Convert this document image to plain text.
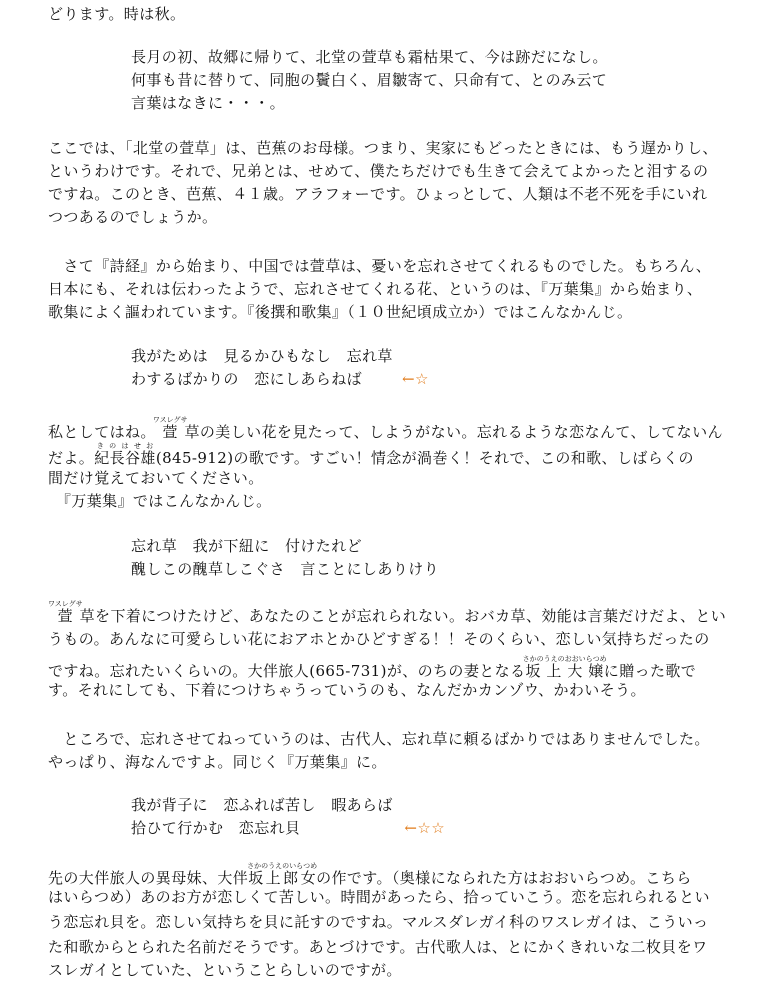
どります。時は秋。
長月の初、故郷に帰りて、北堂の萱草も霜枯果て、今は跡だになし。
何事も昔に替りて、同胞の鬢白く、眉皺寄て、只命有て、とのみ云て
言葉はなきに・・・。
ここでは、「北堂の萱草」は、芭蕉のお母様。つまり、実家にもどったときには、もう遅かりし、
というわけです。それで、兄弟とは、せめて、僕たちだけでも生きて会えてよかったと泪するの
ですね。このとき、芭蕉、４１歳。アラフォーです。ひょっとして、人類は不老不死を手にいれ
つつあるのでしょうか。
　さて『詩経』から始まり、中国では萱草は、憂いを忘れさせてくれるものでした。もちろん、
日本にも、それは伝わったようで、忘れさせてくれる花、というのは、『万葉集』から始まり、
歌集によく謳われています。『後撰和歌集』（１０世紀頃成立か）ではこんなかんじ。
我がためは　見るかひもなし　忘れ草
わするばかりの　恋にしあらねば	←☆
私としてはね。萱ワスレグサ草の美しい花を見たって、しようがない。忘れるような恋なんて、してないん
だよ。紀長谷雄きのはせお(845-912)の歌です。すごい！情念が渦巻く！それで、この和歌、しばらくの
間だけ覚えておいてください。
　『万葉集』ではこんなかんじ。
忘れ草　我が下紐に　付けたれど
醜しこの醜草しこぐさ　言ことにしありけり
萱ワスレグサ草を下着につけたけど、あなたのことが忘れられない。おバカ草、効能は言葉だけだよ、とい
うもの。あんなに可愛らしい花におアホとかひどすぎる！！そのくらい、恋しい気持ちだったの
ですね。忘れたいくらいの。大伴旅人(665-731)が、のちの妻となる坂上大嬢さかのうえのおおいらつめに贈った歌で
す。それにしても、下着につけちゃうっていうのも、なんだかカンゾウ、かわいそう。
　ところで、忘れさせてねっていうのは、古代人、忘れ草に頼るばかりではありませんでした。
やっぱり、海なんですよ。同じく『万葉集』に。
我が背子に　恋ふれば苦し　暇あらば
拾ひて行かむ　恋忘れ貝	←☆☆
先の大伴旅人の異母妹、大伴坂上郎女さかのうえのいらつめの作です。（奥様になられた方はおおいらつめ。こちら
はいらつめ）あのお方が恋しくて苦しい。時間があったら、拾っていこう。恋を忘れられるとい
う恋忘れ貝を。恋しい気持ちを貝に託すのですね。マルスダレガイ科のワスレガイは、こういっ
た和歌からとられた名前だそうです。あとづけです。古代歌人は、とにかくきれいな二枚貝をワ
スレガイとしていた、ということらしいのですが。
